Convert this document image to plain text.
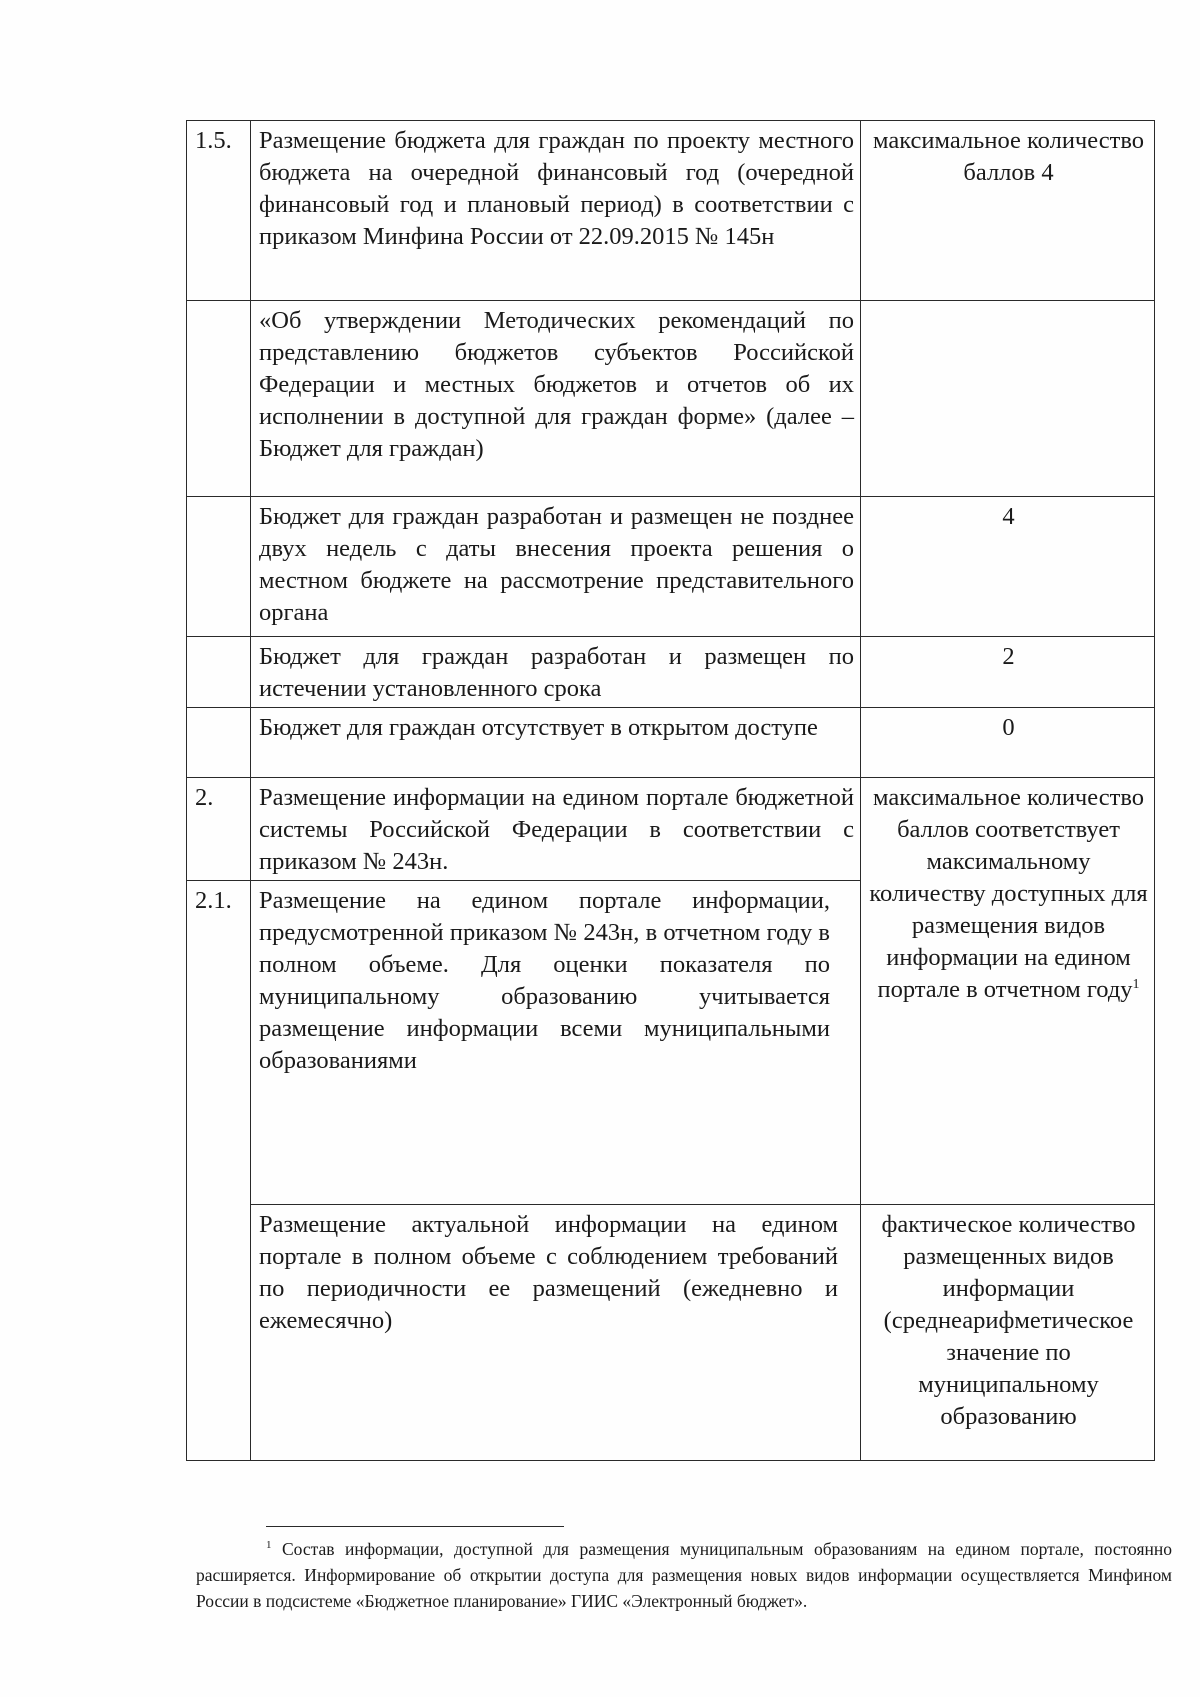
1.5.	Размещение бюджета для граждан по проекту местного бюджета на очередной финансовый год (очередной финансовый год и плановый период) в соответствии с приказом Минфина России от 22.09.2015 № 145н	максимальное количество баллов 4
	«Об утверждении Методических рекомендаций по представлению бюджетов субъектов Российской Федерации и местных бюджетов и отчетов об их исполнении в доступной для граждан форме» (далее – Бюджет для граждан)	
	Бюджет для граждан разработан и размещен не позднее двух недель с даты внесения проекта решения о местном бюджете на рассмотрение представительного органа	4
	Бюджет для граждан разработан и размещен по истечении установленного срока	2
	Бюджет для граждан отсутствует в открытом доступе	0
2.	Размещение информации на едином портале бюджетной системы Российской Федерации в соответствии с приказом № 243н.	максимальное количество баллов соответствует максимальному количеству доступных для размещения видов информации на едином портале в отчетном году$^1$
2.1.	Размещение на едином портале информации, предусмотренной приказом № 243н, в отчетном году в полном объеме. Для оценки показателя по муниципальному образованию учитывается размещение информации всеми муниципальными образованиями	
	Размещение актуальной информации на едином портале в полном объеме с соблюдением требований по периодичности ее размещений (ежедневно и ежемесячно)	фактическое количество размещенных видов информации (среднеарифметическое значение по муниципальному образованию
$^1$ Состав информации, доступной для размещения муниципальным образованиям на едином портале, постоянно расширяется. Информирование об открытии доступа для размещения новых видов информации осуществляется Минфином России в подсистеме «Бюджетное планирование» ГИИС «Электронный бюджет».
